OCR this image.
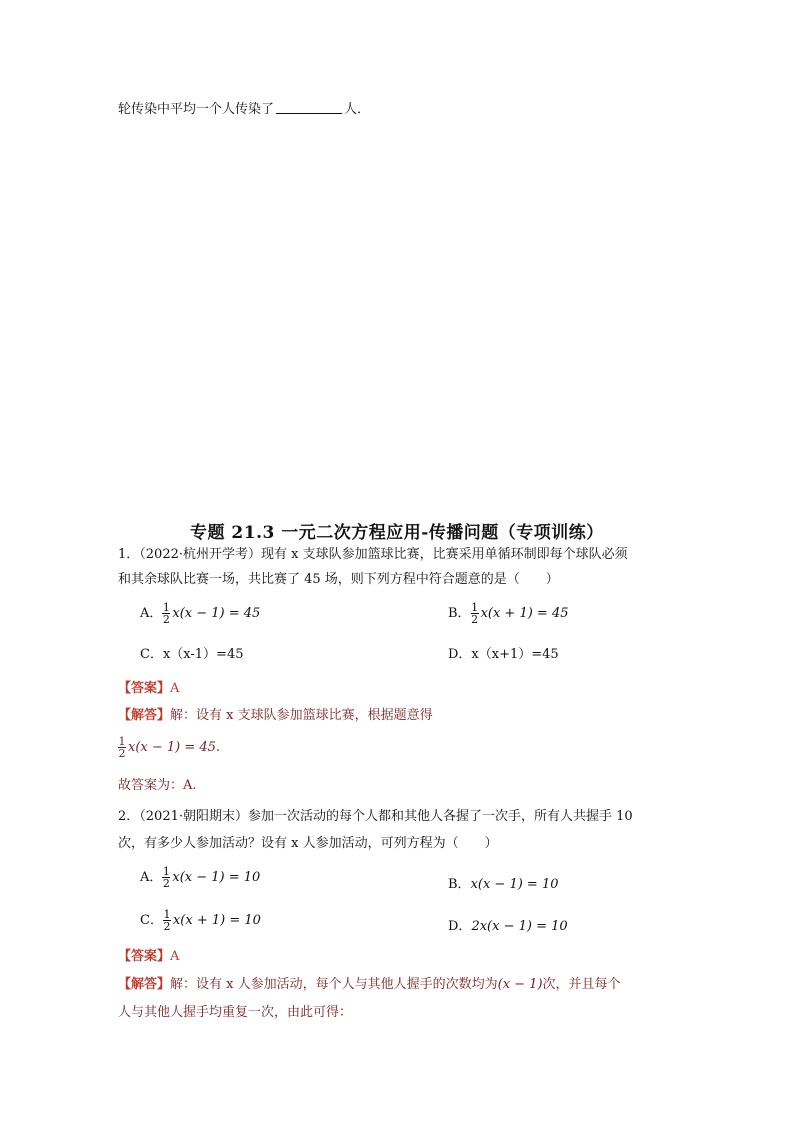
轮传染中平均一个人传染了	人．
专题 21.3 一元二次方程应用-传播问题（专项训练）
1．（2022·杭州开学考）现有 x 支球队参加篮球比赛，比赛采用单循环制即每个球队必须
和其余球队比赛一场，共比赛了 45 场，则下列方程中符合题意的是（　　）
A． $\frac{1}{2} x(x - 1) = 45$	B． $\frac{1}{2} x(x + 1) = 45$
C．x（x-1）=45	D．x（x+1）=45
【答案】A
【解答】解：设有 x 支球队参加篮球比赛，根据题意得
$\frac{1}{2} x(x - 1) = 45$.
故答案为：A.
2．（2021·朝阳期末）参加一次活动的每个人都和其他人各握了一次手，所有人共握手 10
次，有多少人参加活动？设有 x 人参加活动，可列方程为（　　）
A． $\frac{1}{2} x(x - 1) = 10$	B．x(x − 1) = 10
C． $\frac{1}{2} x(x + 1) = 10$	D．2x(x − 1) = 10
【答案】A
【解答】解：设有 x 人参加活动，每个人与其他人握手的次数均为(x − 1)次，并且每个
人与其他人握手均重复一次，由此可得：
